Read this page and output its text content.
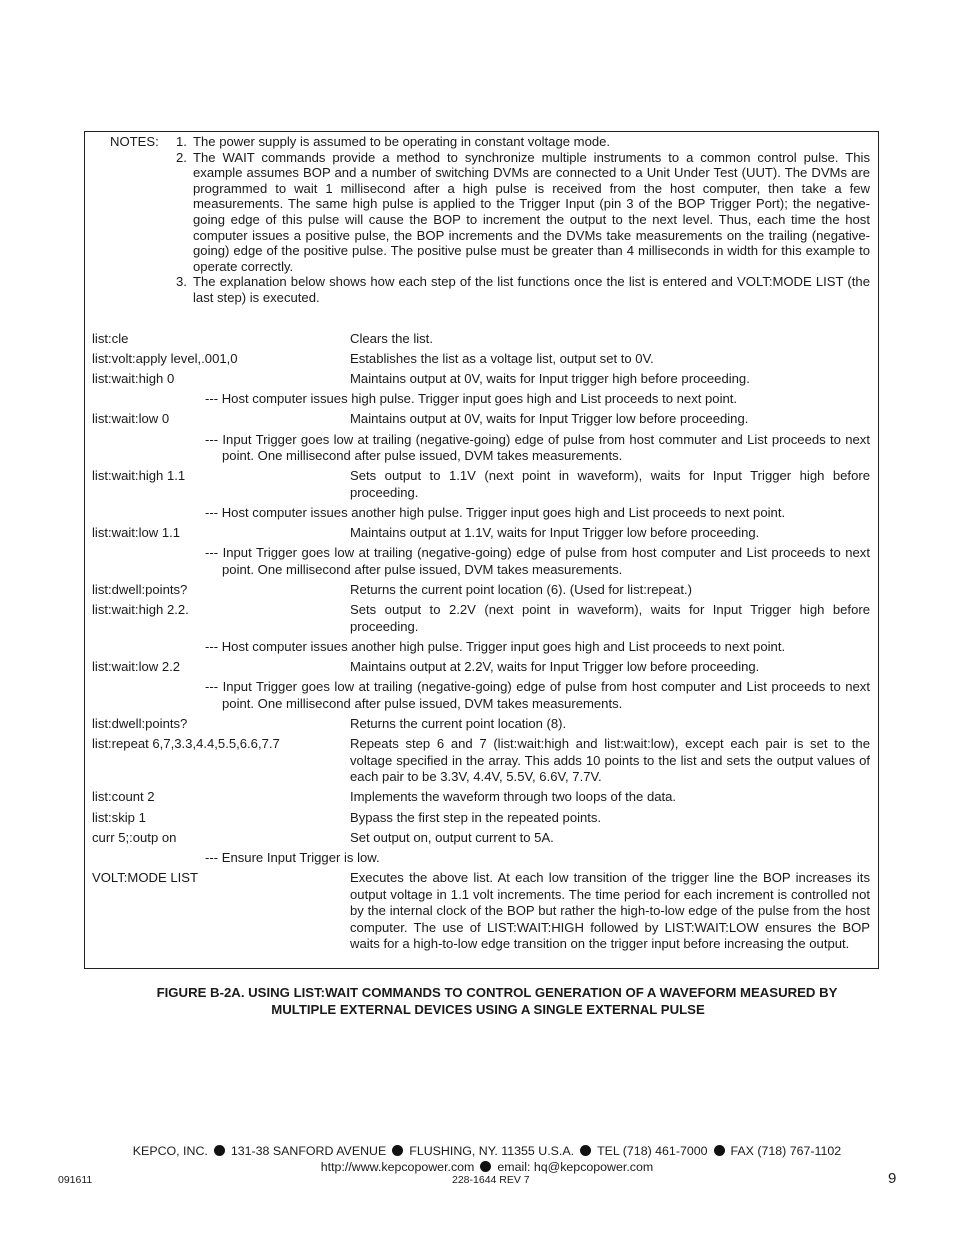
NOTES: 1. The power supply is assumed to be operating in constant voltage mode.
2. The WAIT commands provide a method to synchronize multiple instruments to a common control pulse. This example assumes BOP and a number of switching DVMs are connected to a Unit Under Test (UUT). The DVMs are programmed to wait 1 millisecond after a high pulse is received from the host computer, then take a few measurements. The same high pulse is applied to the Trigger Input (pin 3 of the BOP Trigger Port); the negative-going edge of this pulse will cause the BOP to increment the output to the next level. Thus, each time the host computer issues a positive pulse, the BOP increments and the DVMs take measurements on the trailing (negative-going) edge of the positive pulse. The positive pulse must be greater than 4 milliseconds in width for this example to operate correctly.
3. The explanation below shows how each step of the list functions once the list is entered and VOLT:MODE LIST (the last step) is executed.
list:cle	Clears the list.
list:volt:apply level,.001,0	Establishes the list as a voltage list, output set to 0V.
list:wait:high 0	Maintains output at 0V, waits for Input trigger high before proceeding.
--- Host computer issues high pulse. Trigger input goes high and List proceeds to next point.
list:wait:low 0	Maintains output at 0V, waits for Input Trigger low before proceeding.
--- Input Trigger goes low at trailing (negative-going) edge of pulse from host commuter and List proceeds to next point. One millisecond after pulse issued, DVM takes measurements.
list:wait:high 1.1	Sets output to 1.1V (next point in waveform), waits for Input Trigger high before proceeding.
--- Host computer issues another high pulse. Trigger input goes high and List proceeds to next point.
list:wait:low 1.1	Maintains output at 1.1V, waits for Input Trigger low before proceeding.
--- Input Trigger goes low at trailing (negative-going) edge of pulse from host computer and List proceeds to next point. One millisecond after pulse issued, DVM takes measurements.
list:dwell:points?	Returns the current point location (6). (Used for list:repeat.)
list:wait:high 2.2.	Sets output to 2.2V (next point in waveform), waits for Input Trigger high before proceeding.
--- Host computer issues another high pulse. Trigger input goes high and List proceeds to next point.
list:wait:low 2.2	Maintains output at 2.2V, waits for Input Trigger low before proceeding.
--- Input Trigger goes low at trailing (negative-going) edge of pulse from host computer and List proceeds to next point. One millisecond after pulse issued, DVM takes measurements.
list:dwell:points?	Returns the current point location (8).
list:repeat 6,7,3.3,4.4,5.5,6.6,7.7	Repeats step 6 and 7 (list:wait:high and list:wait:low), except each pair is set to the voltage specified in the array. This adds 10 points to the list and sets the output values of each pair to be 3.3V, 4.4V, 5.5V, 6.6V, 7.7V.
list:count 2	Implements the waveform through two loops of the data.
list:skip 1	Bypass the first step in the repeated points.
curr 5;:outp on	Set output on, output current to 5A.
--- Ensure Input Trigger is low.
VOLT:MODE LIST	Executes the above list. At each low transition of the trigger line the BOP increases its output voltage in 1.1 volt increments. The time period for each increment is controlled not by the internal clock of the BOP but rather the high-to-low edge of the pulse from the host computer. The use of LIST:WAIT:HIGH followed by LIST:WAIT:LOW ensures the BOP waits for a high-to-low edge transition on the trigger input before increasing the output.
FIGURE B-2A. USING LIST:WAIT COMMANDS TO CONTROL GENERATION OF A WAVEFORM MEASURED BY
MULTIPLE EXTERNAL DEVICES USING A SINGLE EXTERNAL PULSE
KEPCO, INC. 131-38 SANFORD AVENUE FLUSHING, NY. 11355 U.S.A. TEL (718) 461-7000 FAX (718) 767-1102
http://www.kepcopower.com email: hq@kepcopower.com
091611	228-1644 REV 7	9
